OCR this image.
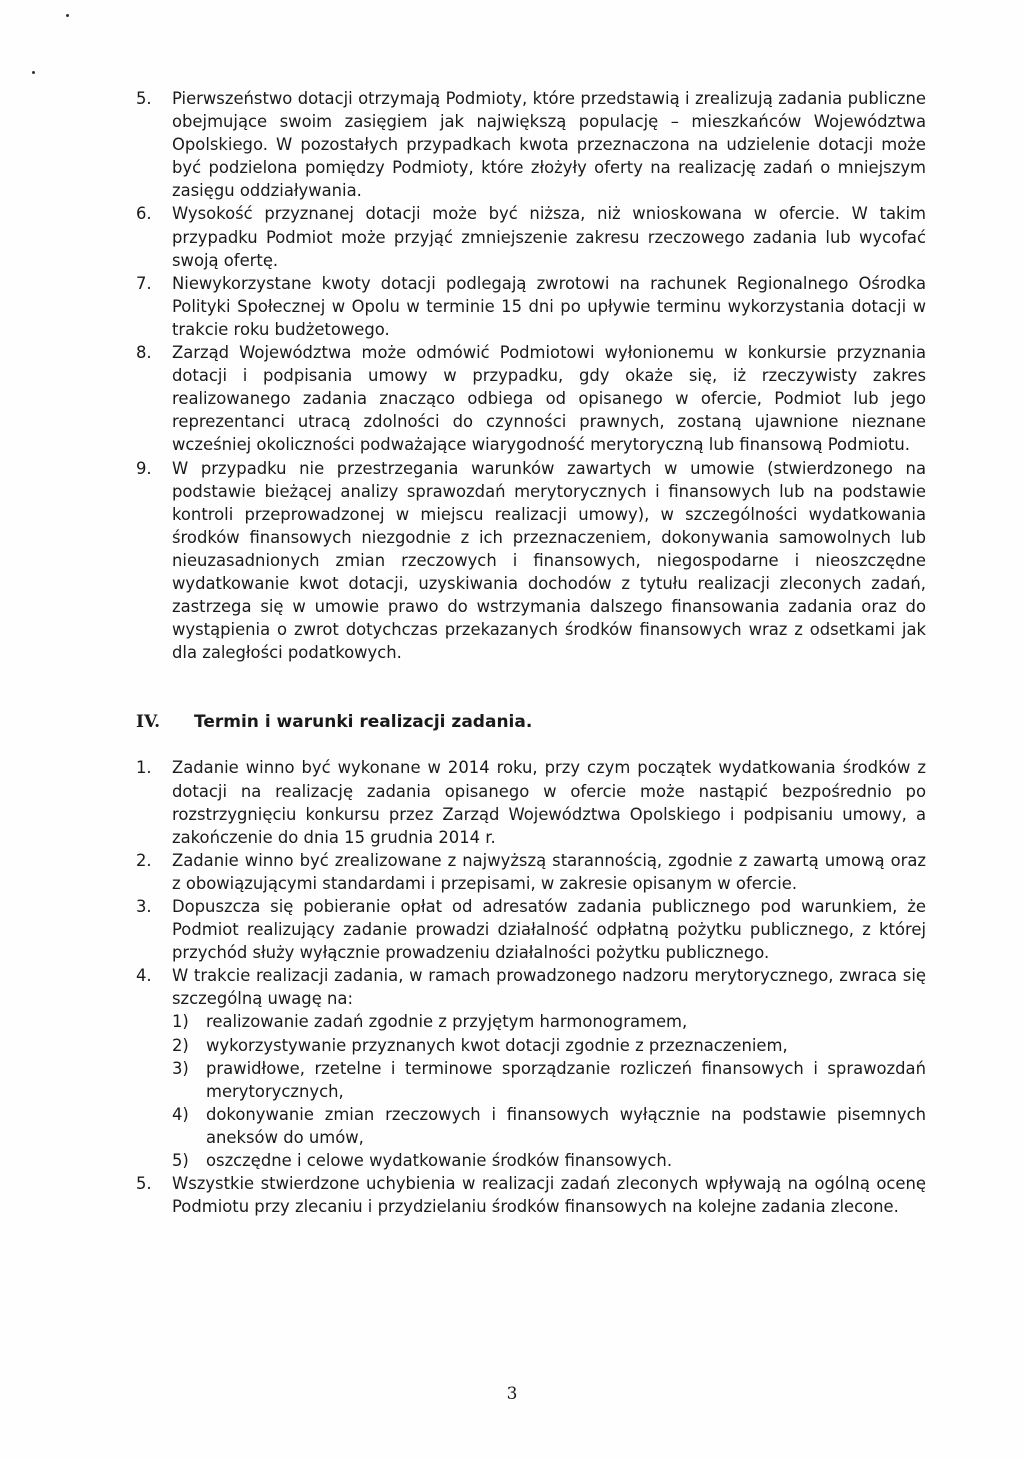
5.	Pierwszeństwo dotacji otrzymają Podmioty, które przedstawią i zrealizują zadania publiczne obejmujące swoim zasięgiem jak największą populację – mieszkańców Województwa Opolskiego. W pozostałych przypadkach kwota przeznaczona na udzielenie dotacji może być podzielona pomiędzy Podmioty, które złożyły oferty na realizację zadań o mniejszym zasięgu oddziaływania.
6.	Wysokość przyznanej dotacji może być niższa, niż wnioskowana w ofercie. W takim przypadku Podmiot może przyjąć zmniejszenie zakresu rzeczowego zadania lub wycofać swoją ofertę.
7.	Niewykorzystane kwoty dotacji podlegają zwrotowi na rachunek Regionalnego Ośrodka Polityki Społecznej w Opolu w terminie 15 dni po upływie terminu wykorzystania dotacji w trakcie roku budżetowego.
8.	Zarząd Województwa może odmówić Podmiotowi wyłonionemu w konkursie przyznania dotacji i podpisania umowy w przypadku, gdy okaże się, iż rzeczywisty zakres realizowanego zadania znacząco odbiega od opisanego w ofercie, Podmiot lub jego reprezentanci utracą zdolności do czynności prawnych, zostaną ujawnione nieznane wcześniej okoliczności podważające wiarygodność merytoryczną lub finansową Podmiotu.
9.	W przypadku nie przestrzegania warunków zawartych w umowie (stwierdzonego na podstawie bieżącej analizy sprawozdań merytorycznych i finansowych lub na podstawie kontroli przeprowadzonej w miejscu realizacji umowy), w szczególności wydatkowania środków finansowych niezgodnie z ich przeznaczeniem, dokonywania samowolnych lub nieuzasadnionych zmian rzeczowych i finansowych, niegospodarne i nieoszczędne wydatkowanie kwot dotacji, uzyskiwania dochodów z tytułu realizacji zleconych zadań, zastrzega się w umowie prawo do wstrzymania dalszego finansowania zadania oraz do wystąpienia o zwrot dotychczas przekazanych środków finansowych wraz z odsetkami jak dla zaległości podatkowych.
IV.	Termin i warunki realizacji zadania.
1.	Zadanie winno być wykonane w 2014 roku, przy czym początek wydatkowania środków z dotacji na realizację zadania opisanego w ofercie może nastąpić bezpośrednio po rozstrzygnięciu konkursu przez Zarząd Województwa Opolskiego i podpisaniu umowy, a zakończenie do dnia 15 grudnia 2014 r.
2.	Zadanie winno być zrealizowane z najwyższą starannością, zgodnie z zawartą umową oraz z obowiązującymi standardami i przepisami, w zakresie opisanym w ofercie.
3.	Dopuszcza się pobieranie opłat od adresatów zadania publicznego pod warunkiem, że Podmiot realizujący zadanie prowadzi działalność odpłatną pożytku publicznego, z której przychód służy wyłącznie prowadzeniu działalności pożytku publicznego.
4.	W trakcie realizacji zadania, w ramach prowadzonego nadzoru merytorycznego, zwraca się szczególną uwagę na:
1)	realizowanie zadań zgodnie z przyjętym harmonogramem,
2)	wykorzystywanie przyznanych kwot dotacji zgodnie z przeznaczeniem,
3)	prawidłowe, rzetelne i terminowe sporządzanie rozliczeń finansowych i sprawozdań merytorycznych,
4)	dokonywanie zmian rzeczowych i finansowych wyłącznie na podstawie pisemnych aneksów do umów,
5)	oszczędne i celowe wydatkowanie środków finansowych.
5.	Wszystkie stwierdzone uchybienia w realizacji zadań zleconych wpływają na ogólną ocenę Podmiotu przy zlecaniu i przydzielaniu środków finansowych na kolejne zadania zlecone.
3
